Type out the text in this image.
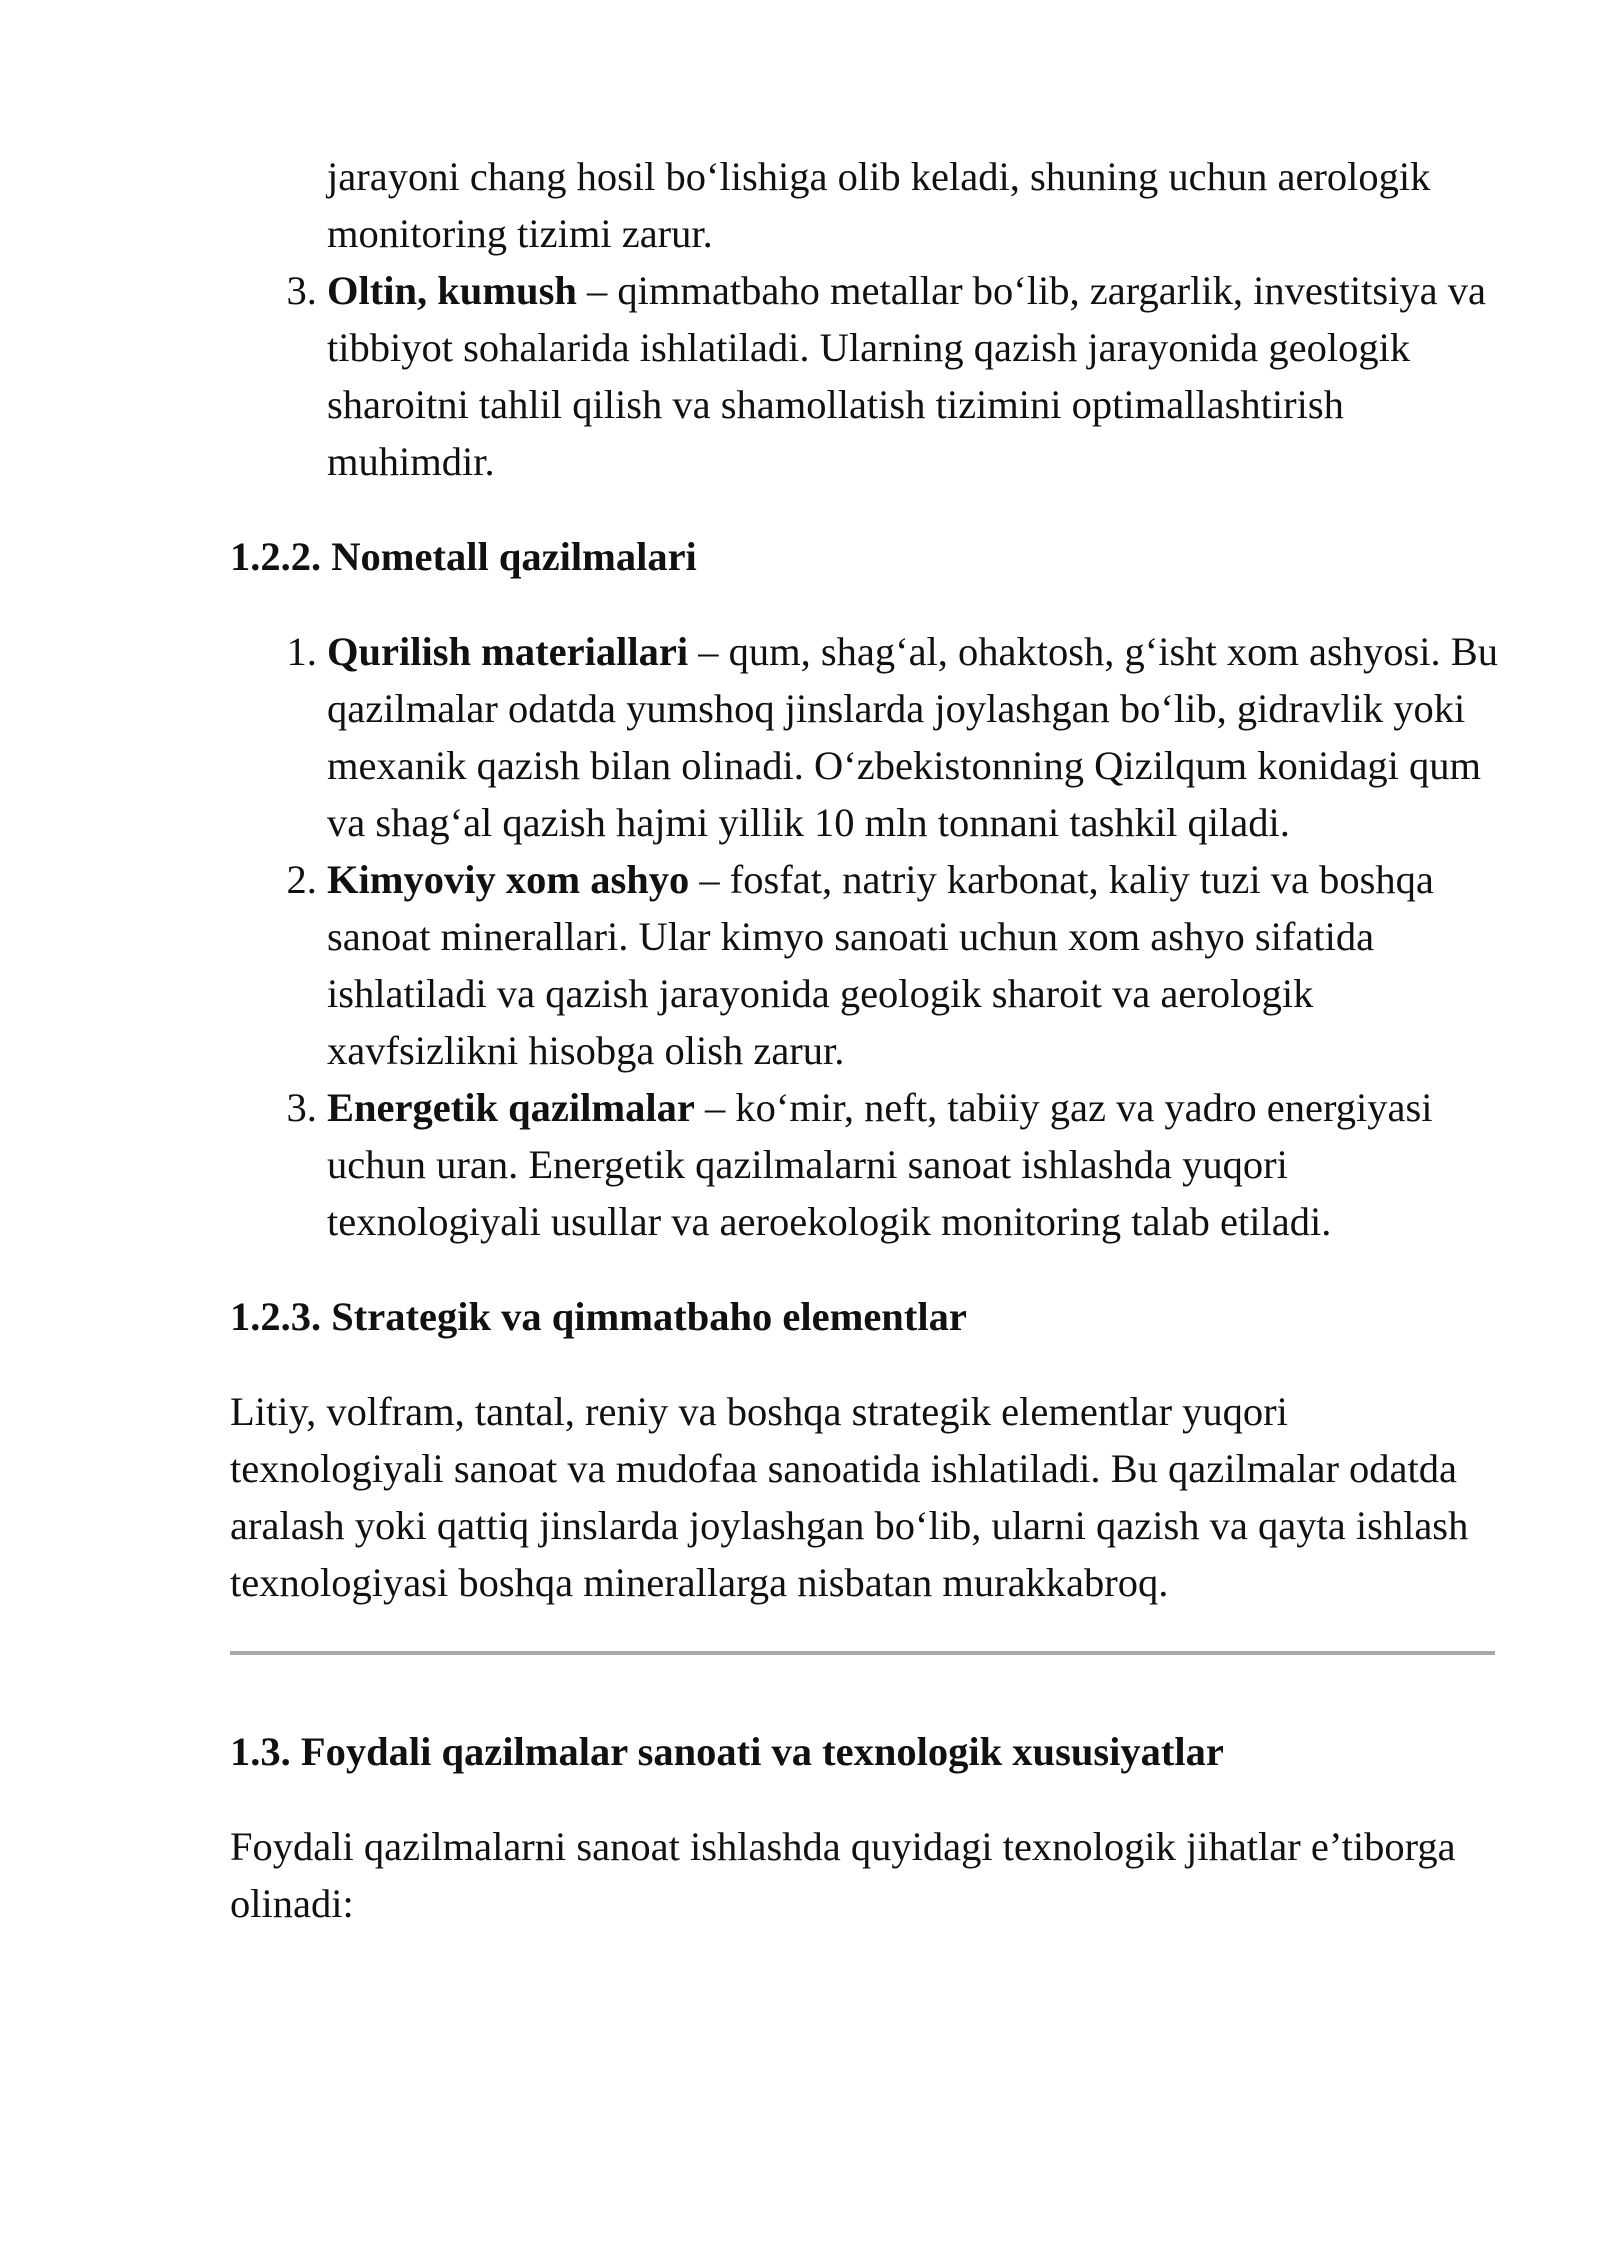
jarayoni chang hosil bo‘lishiga olib keladi, shuning uchun aerologik monitoring tizimi zarur.

3. Oltin, kumush – qimmatbaho metallar bo‘lib, zargarlik, investitsiya va tibbiyot sohalarida ishlatiladi. Ularning qazish jarayonida geologik sharoitni tahlil qilish va shamollatish tizimini optimallashtirish muhimdir.
1.2.2. Nometall qazilmalari
1. Qurilish materiallari – qum, shag‘al, ohaktosh, g‘isht xom ashyosi. Bu qazilmalar odatda yumshoq jinslarda joylashgan bo‘lib, gidravlik yoki mexanik qazish bilan olinadi. O‘zbekistonning Qizilqum konidagi qum va shag‘al qazish hajmi yillik 10 mln tonnani tashkil qiladi.
2. Kimyoviy xom ashyo – fosfat, natriy karbonat, kaliy tuzi va boshqa sanoat minerallari. Ular kimyo sanoati uchun xom ashyo sifatida ishlatiladi va qazish jarayonida geologik sharoit va aerologik xavfsizlikni hisobga olish zarur.
3. Energetik qazilmalar – ko‘mir, neft, tabiiy gaz va yadro energiyasi uchun uran. Energetik qazilmalarni sanoat ishlashda yuqori texnologiyali usullar va aeroekologik monitoring talab etiladi.
1.2.3. Strategik va qimmatbaho elementlar

Litiy, volfram, tantal, reniy va boshqa strategik elementlar yuqori texnologiyali sanoat va mudofaa sanoatida ishlatiladi. Bu qazilmalar odatda aralash yoki qattiq jinslarda joylashgan bo‘lib, ularni qazish va qayta ishlash texnologiyasi boshqa minerallarga nisbatan murakkabroq.

1.3. Foydali qazilmalar sanoati va texnologik xususiyatlar

Foydali qazilmalarni sanoat ishlashda quyidagi texnologik jihatlar e’tiborga olinadi:
